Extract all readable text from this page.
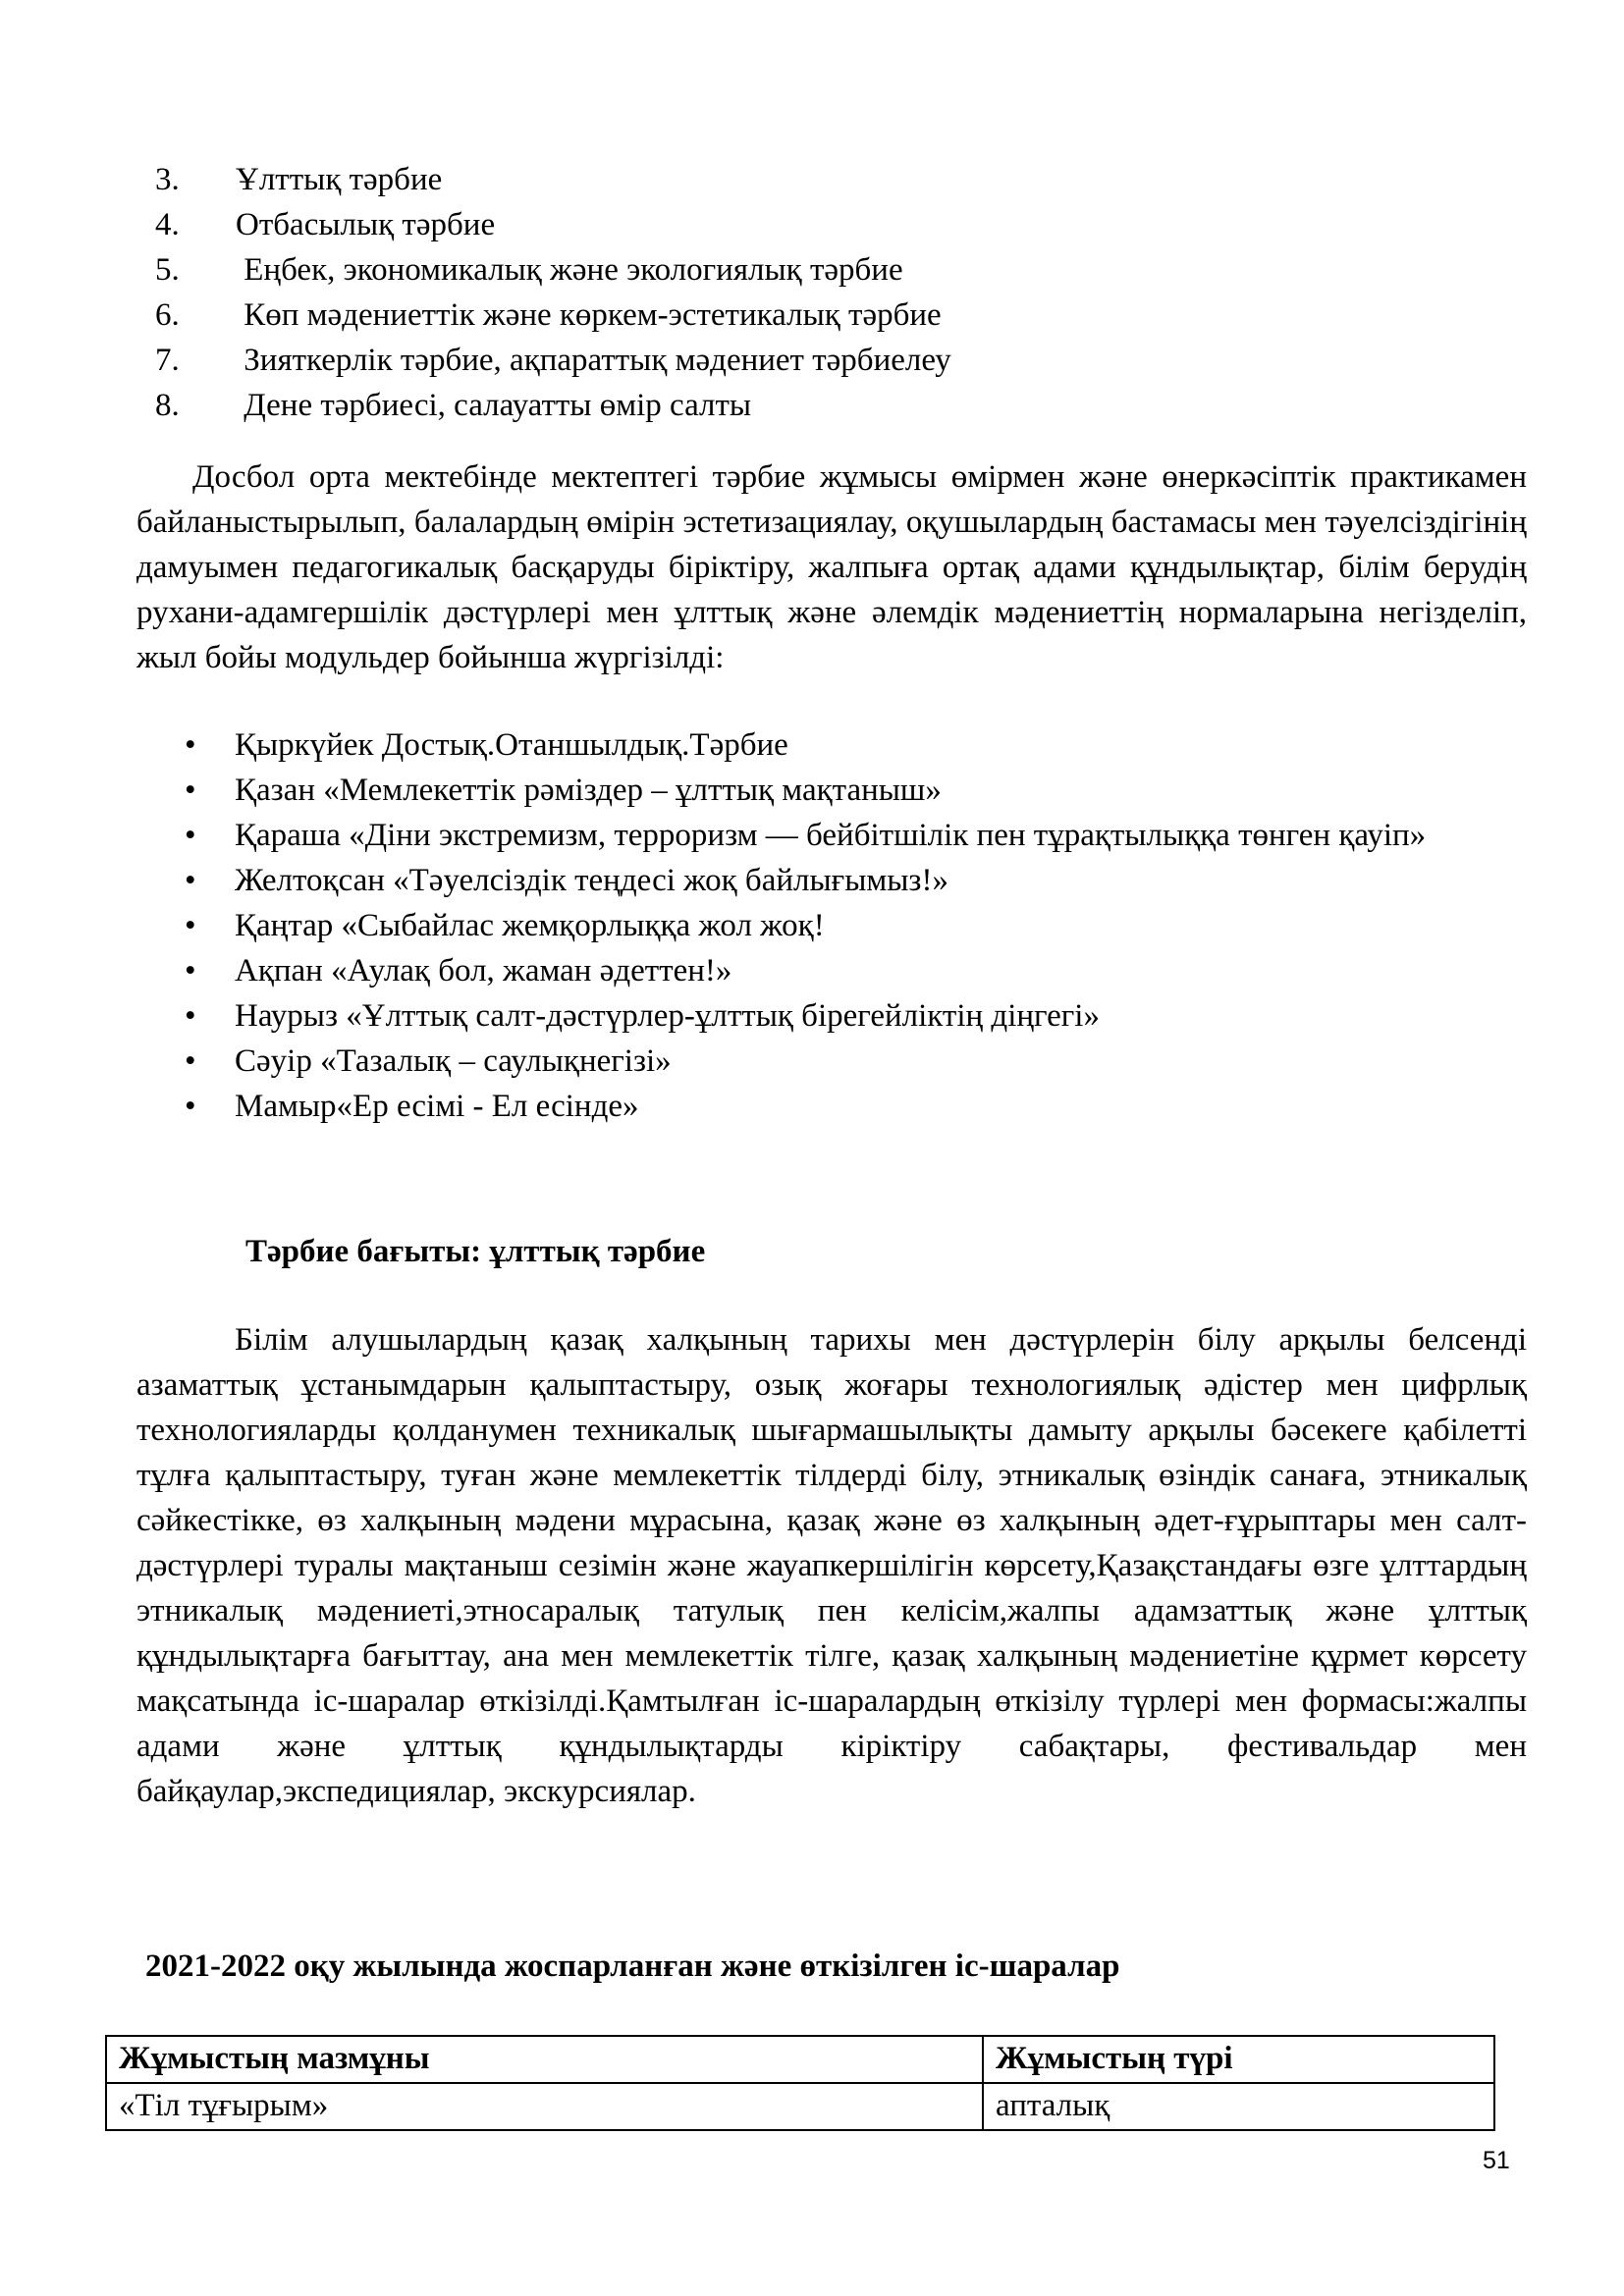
3. Ұлттық тәрбие
4. Отбасылық тәрбие
5. Еңбек, экономикалық және экологиялық тәрбие
6. Көп мәдениеттік және көркем-эстетикалық тәрбие
7. Зияткерлік тәрбие, ақпараттық мәдениет тәрбиелеу
8. Дене тәрбиесі, салауатты өмір салты

Досбол орта мектебінде мектептегі тәрбие жұмысы өмірмен және өнеркәсіптік практикамен байланыстырылып, балалардың өмірін эстетизациялау, оқушылардың бастамасы мен тәуелсіздігінің дамуымен педагогикалық басқаруды біріктіру, жалпыға ортақ адами құндылықтар, білім берудің рухани-адамгершілік дәстүрлері мен ұлттық және әлемдік мәдениеттің нормаларына негізделіп, жыл бойы модульдер бойынша жүргізілді:

• Қыркүйек Достық.Отаншылдық.Тәрбие
• Қазан «Мемлекеттік рәміздер – ұлттық мақтаныш»
• Қараша «Діни экстремизм, терроризм — бейбітшілік пен тұрақтылыққа төнген қауіп»
• Желтоқсан «Тәуелсіздік теңдесі жоқ байлығымыз!»
• Қаңтар «Сыбайлас жемқорлыққа жол жоқ!
• Ақпан «Аулақ бол, жаман әдеттен!»
• Наурыз «Ұлттық салт-дәстүрлер-ұлттық бірегейліктің діңгегі»
• Сәуір «Тазалық – саулықнегізі»
• Мамыр«Ер есімі - Ел есінде»
Тәрбие бағыты: ұлттық тәрбие

Білім алушылардың қазақ халқының тарихы мен дәстүрлерін білу арқылы белсенді азаматтық ұстанымдарын қалыптастыру, озық жоғары технологиялық әдістер мен цифрлық технологияларды қолданумен техникалық шығармашылықты дамыту арқылы бәсекеге қабілетті тұлға қалыптастыру, туған және мемлекеттік тілдерді білу, этникалық өзіндік санаға, этникалық сәйкестікке, өз халқының мәдени мұрасына, қазақ және өз халқының әдет-ғұрыптары мен салт-дәстүрлері туралы мақтаныш сезімін және жауапкершілігін көрсету,Қазақстандағы өзге ұлттардың этникалық мәдениеті,этносаралық татулық пен келісім,жалпы адамзаттық және ұлттық құндылықтарға бағыттау, ана мен мемлекеттік тілге, қазақ халқының мәдениетіне құрмет көрсету мақсатында іс-шаралар өткізілді.Қамтылған іс-шаралардың өткізілу түрлері мен формасы:жалпы адами және ұлттық құндылықтарды кіріктіру сабақтары, фестивальдар мен байқаулар,экспедициялар, экскурсиялар.

2021-2022 оқу жылында жоспарланған және өткізілген іс-шаралар
Жұмыстың мазмұны	Жұмыстың түрі
«Тіл тұғырым»	апталық
51
